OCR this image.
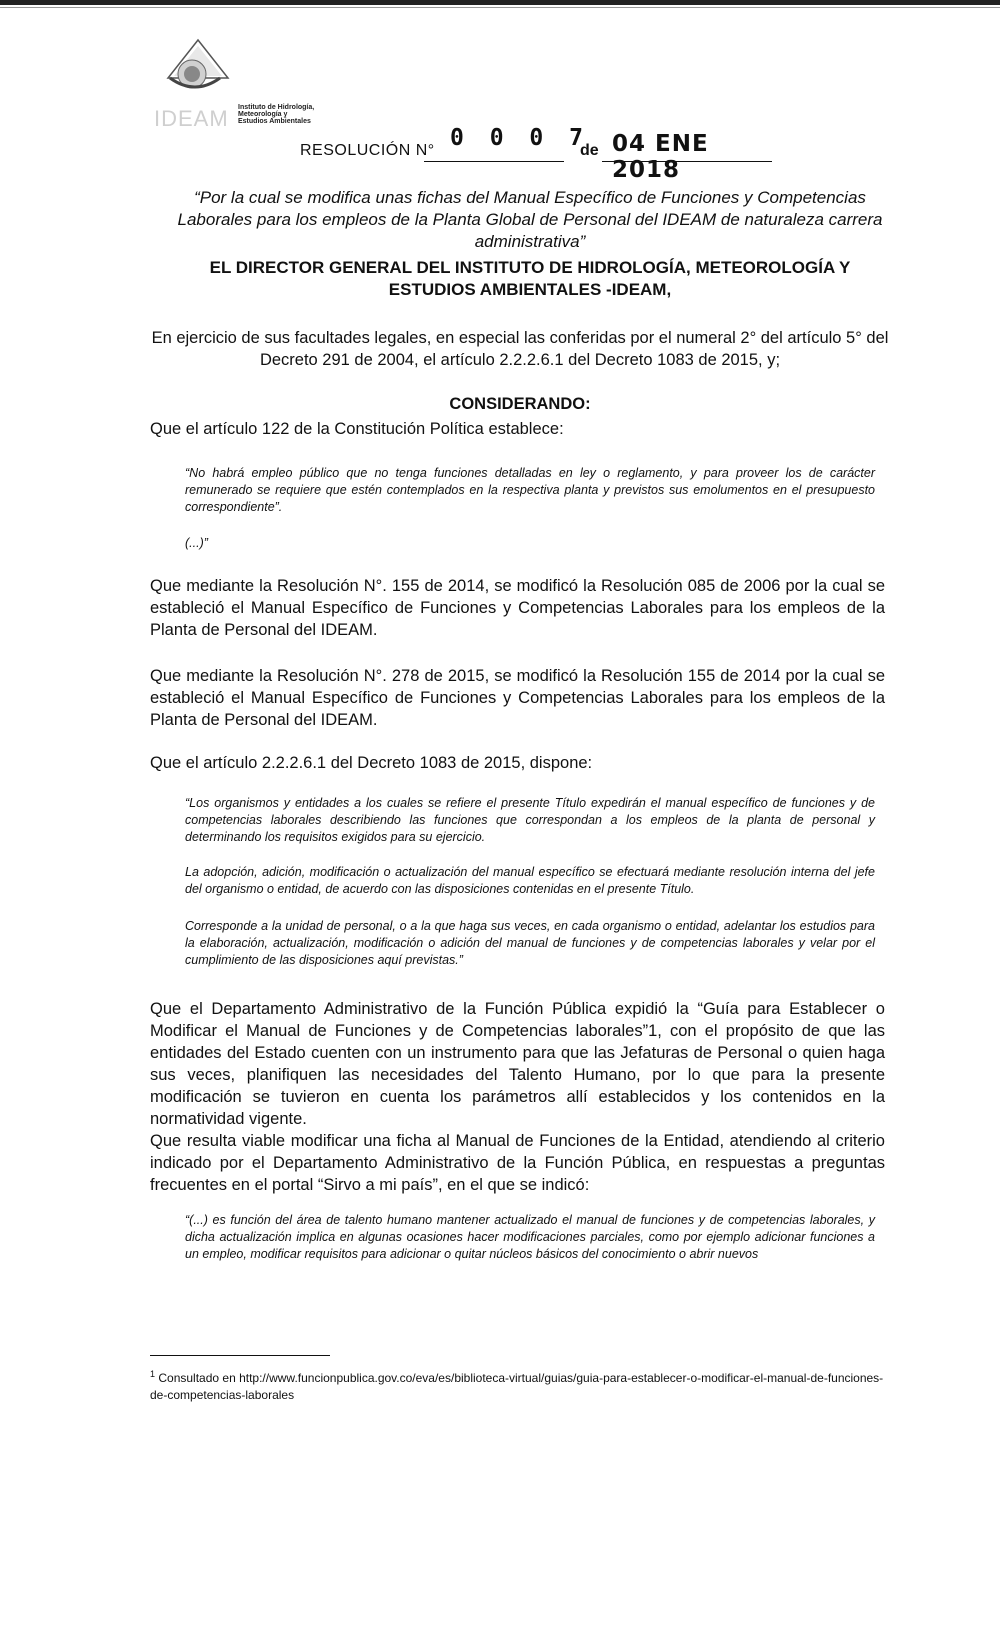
IDEAM Instituto de Hidrología,
Meteorología y
Estudios Ambientales
RESOLUCIÓN N° 0 0 0 7
de 04 ENE 2018
“Por la cual se modifica unas fichas del Manual Específico de Funciones y Competencias Laborales para los empleos de la Planta Global de Personal del IDEAM de naturaleza carrera administrativa”
EL DIRECTOR GENERAL DEL INSTITUTO DE HIDROLOGÍA, METEOROLOGÍA Y ESTUDIOS AMBIENTALES -IDEAM,
En ejercicio de sus facultades legales, en especial las conferidas por el numeral 2° del artículo 5° del Decreto 291 de 2004, el artículo 2.2.2.6.1 del Decreto 1083 de 2015, y;
CONSIDERANDO:
Que el artículo 122 de la Constitución Política establece:
“No habrá empleo público que no tenga funciones detalladas en ley o reglamento, y para proveer los de carácter remunerado se requiere que estén contemplados en la respectiva planta y previstos sus emolumentos en el presupuesto correspondiente”.
(...)”
Que mediante la Resolución N°. 155 de 2014, se modificó la Resolución 085 de 2006 por la cual se estableció el Manual Específico de Funciones y Competencias Laborales para los empleos de la Planta de Personal del IDEAM.
Que mediante la Resolución N°. 278 de 2015, se modificó la Resolución 155 de 2014 por la cual se estableció el Manual Específico de Funciones y Competencias Laborales para los empleos de la Planta de Personal del IDEAM.
Que el artículo 2.2.2.6.1 del Decreto 1083 de 2015, dispone:
“Los organismos y entidades a los cuales se refiere el presente Título expedirán el manual específico de funciones y de competencias laborales describiendo las funciones que correspondan a los empleos de la planta de personal y determinando los requisitos exigidos para su ejercicio.
La adopción, adición, modificación o actualización del manual específico se efectuará mediante resolución interna del jefe del organismo o entidad, de acuerdo con las disposiciones contenidas en el presente Título.
Corresponde a la unidad de personal, o a la que haga sus veces, en cada organismo o entidad, adelantar los estudios para la elaboración, actualización, modificación o adición del manual de funciones y de competencias laborales y velar por el cumplimiento de las disposiciones aquí previstas.”
Que el Departamento Administrativo de la Función Pública expidió la “Guía para Establecer o Modificar el Manual de Funciones y de Competencias laborales”1, con el propósito de que las entidades del Estado cuenten con un instrumento para que las Jefaturas de Personal o quien haga sus veces, planifiquen las necesidades del Talento Humano, por lo que para la presente modificación se tuvieron en cuenta los parámetros allí establecidos y los contenidos en la normatividad vigente.
Que resulta viable modificar una ficha al Manual de Funciones de la Entidad, atendiendo al criterio indicado por el Departamento Administrativo de la Función Pública, en respuestas a preguntas frecuentes en el portal “Sirvo a mi país”, en el que se indicó:
“(...) es función del área de talento humano mantener actualizado el manual de funciones y de competencias laborales, y dicha actualización implica en algunas ocasiones hacer modificaciones parciales, como por ejemplo adicionar funciones a un empleo, modificar requisitos para adicionar o quitar núcleos básicos del conocimiento o abrir nuevos
$^1$ Consultado en http://www.funcionpublica.gov.co/eva/es/biblioteca-virtual/guias/guia-para-establecer-o-modificar-el-manual-de-funciones-de-competencias-laborales
